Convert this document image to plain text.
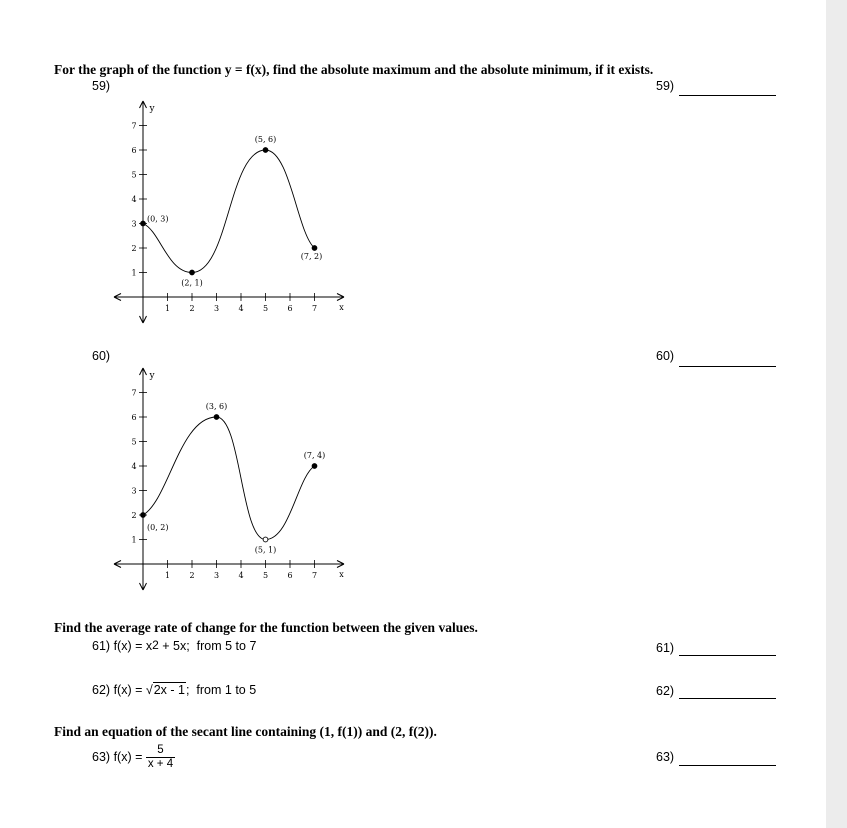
For the graph of the function y = f(x), find the absolute maximum and the absolute minimum, if it exists.
59)	59)
y
x
1 2 3 4 5 6 7
1
2
3
4
5
6
7
(0, 3)
(2, 1)
(5, 6)
(7, 2)
60)	60)
y
x
1 2 3 4 5 6 7
1
2
3
4
5
6
7
(0, 2)
(3, 6)
(5, 1)
(7, 4)
Find the average rate of change for the function between the given values.
61) $f(x) = x^2 + 5x$;  from 5 to 7	61)
62) f(x) = √2x - 1;  from 1 to 5	62)
Find an equation of the secant line containing (1, f(1)) and (2, f(2)).
63) $f(x) = \frac{5}{x + 4}$	63)
